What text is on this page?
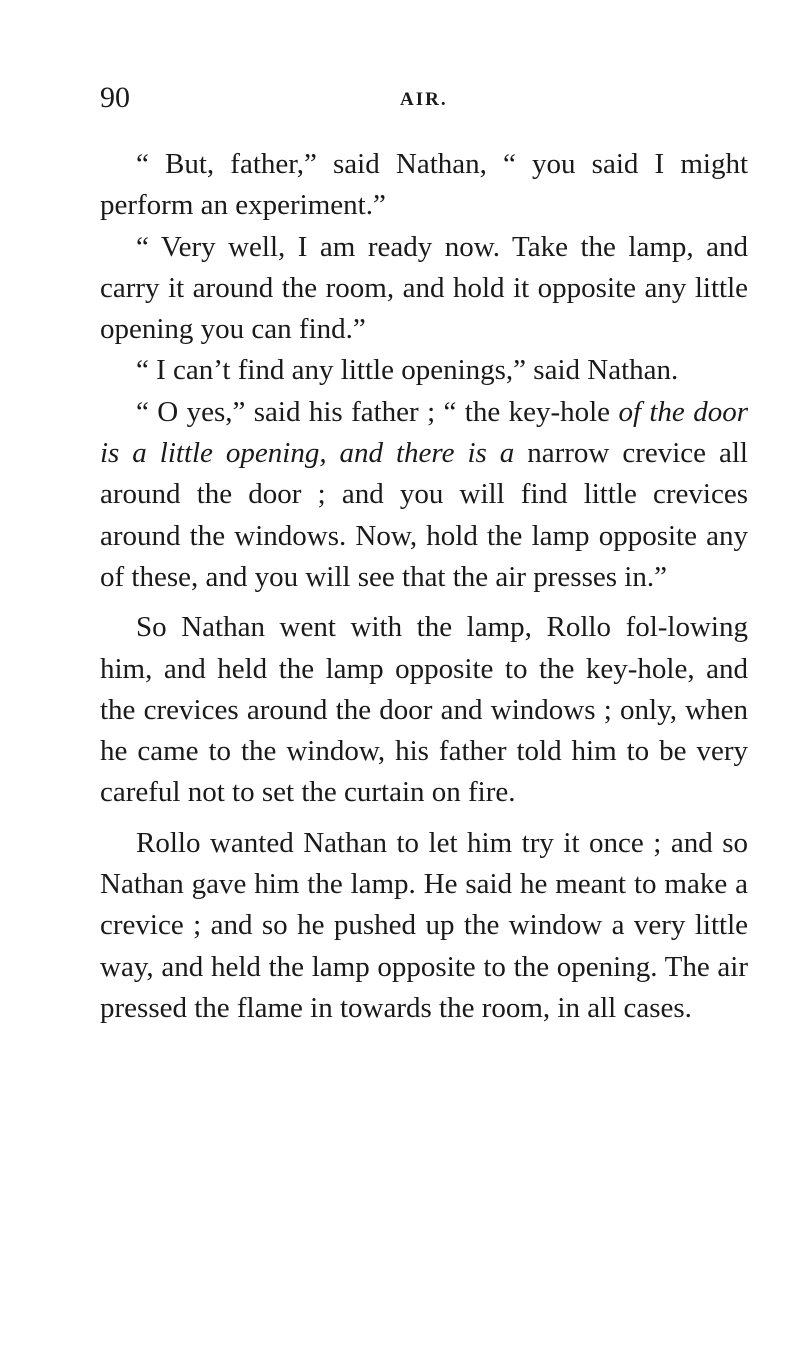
90	AIR.

“ But, father,” said Nathan, “ you said I might perform an experiment.”

“ Very well, I am ready now. Take the lamp, and carry it around the room, and hold it opposite any little opening you can find.”

“ I can’t find any little openings,” said Nathan.

“ O yes,” said his father ; “ the key-hole of the door is a little opening, and there is a narrow crevice all around the door ; and you will find little crevices around the windows. Now, hold the lamp opposite any of these, and you will see that the air presses in.”

So Nathan went with the lamp, Rollo fol-lowing him, and held the lamp opposite to the key-hole, and the crevices around the door and windows ; only, when he came to the window, his father told him to be very careful not to set the curtain on fire.

Rollo wanted Nathan to let him try it once ; and so Nathan gave him the lamp. He said he meant to make a crevice ; and so he pushed up the window a very little way, and held the lamp opposite to the opening. The air pressed the flame in towards the room, in all cases.
